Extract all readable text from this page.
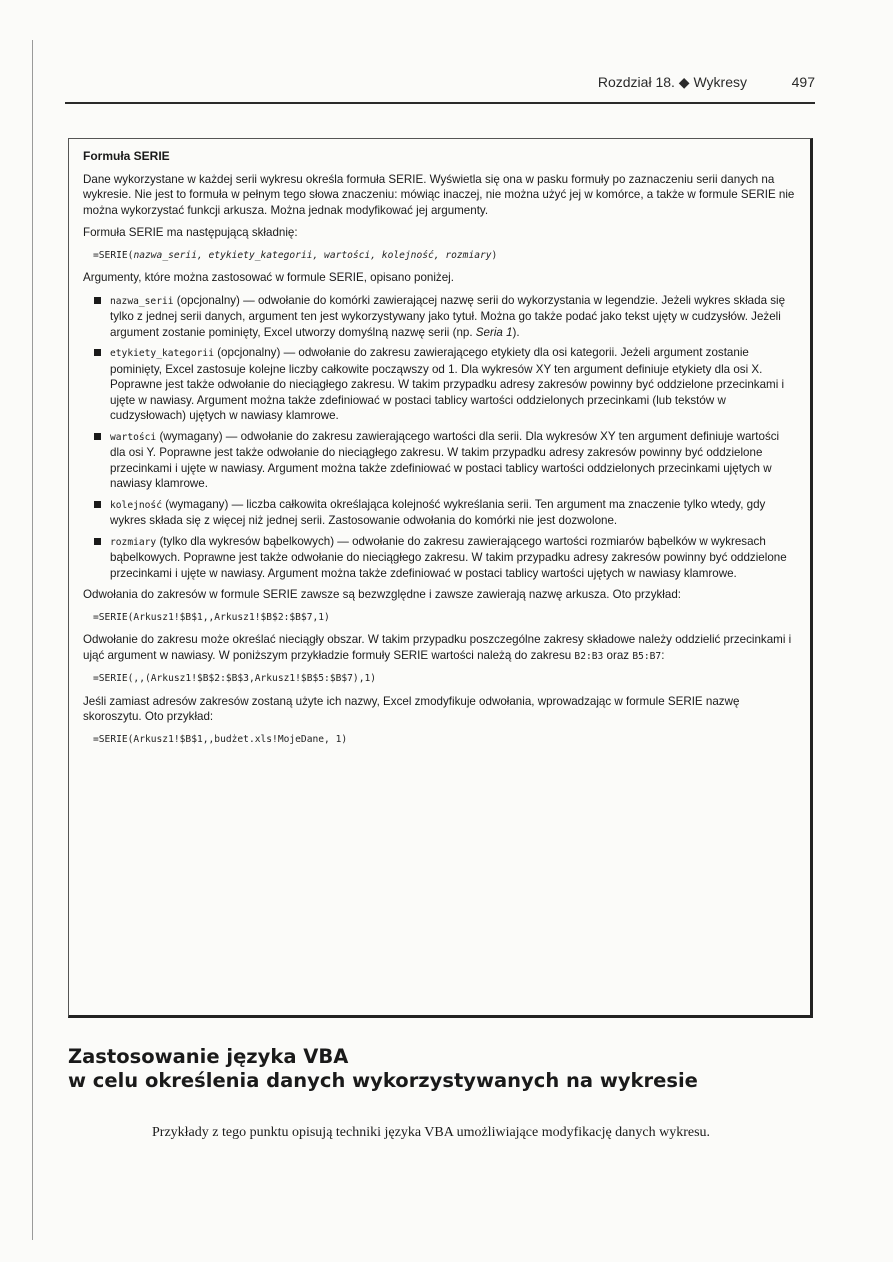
Rozdział 18. ◆ Wykresy	497

Formuła SERIE

Dane wykorzystane w każdej serii wykresu określa formuła SERIE. Wyświetla się ona w pasku formuły po zaznaczeniu serii danych na wykresie. Nie jest to formuła w pełnym tego słowa znaczeniu: mówiąc inaczej, nie można użyć jej w komórce, a także w formule SERIE nie można wykorzystać funkcji arkusza. Można jednak modyfikować jej argumenty.

Formuła SERIE ma następującą składnię:

=SERIE(nazwa_serii, etykiety_kategorii, wartości, kolejność, rozmiary)

Argumenty, które można zastosować w formule SERIE, opisano poniżej.

nazwa_serii (opcjonalny) — odwołanie do komórki zawierającej nazwę serii do wykorzystania w legendzie. Jeżeli wykres składa się tylko z jednej serii danych, argument ten jest wykorzystywany jako tytuł. Można go także podać jako tekst ujęty w cudzysłów. Jeżeli argument zostanie pominięty, Excel utworzy domyślną nazwę serii (np. Seria 1).
etykiety_kategorii (opcjonalny) — odwołanie do zakresu zawierającego etykiety dla osi kategorii. Jeżeli argument zostanie pominięty, Excel zastosuje kolejne liczby całkowite począwszy od 1. Dla wykresów XY ten argument definiuje etykiety dla osi X. Poprawne jest także odwołanie do nieciągłego zakresu. W takim przypadku adresy zakresów powinny być oddzielone przecinkami i ujęte w nawiasy. Argument można także zdefiniować w postaci tablicy wartości oddzielonych przecinkami (lub tekstów w cudzysłowach) ujętych w nawiasy klamrowe.
wartości (wymagany) — odwołanie do zakresu zawierającego wartości dla serii. Dla wykresów XY ten argument definiuje wartości dla osi Y. Poprawne jest także odwołanie do nieciągłego zakresu. W takim przypadku adresy zakresów powinny być oddzielone przecinkami i ujęte w nawiasy. Argument można także zdefiniować w postaci tablicy wartości oddzielonych przecinkami ujętych w nawiasy klamrowe.
kolejność (wymagany) — liczba całkowita określająca kolejność wykreślania serii. Ten argument ma znaczenie tylko wtedy, gdy wykres składa się z więcej niż jednej serii. Zastosowanie odwołania do komórki nie jest dozwolone.
rozmiary (tylko dla wykresów bąbelkowych) — odwołanie do zakresu zawierającego wartości rozmiarów bąbelków w wykresach bąbelkowych. Poprawne jest także odwołanie do nieciągłego zakresu. W takim przypadku adresy zakresów powinny być oddzielone przecinkami i ujęte w nawiasy. Argument można także zdefiniować w postaci tablicy wartości ujętych w nawiasy klamrowe.

Odwołania do zakresów w formule SERIE zawsze są bezwzględne i zawsze zawierają nazwę arkusza. Oto przykład:

=SERIE(Arkusz1!$B$1,,Arkusz1!$B$2:$B$7,1)

Odwołanie do zakresu może określać nieciągły obszar. W takim przypadku poszczególne zakresy składowe należy oddzielić przecinkami i ująć argument w nawiasy. W poniższym przykładzie formuły SERIE wartości należą do zakresu B2:B3 oraz B5:B7:

=SERIE(,,(Arkusz1!$B$2:$B$3,Arkusz1!$B$5:$B$7),1)

Jeśli zamiast adresów zakresów zostaną użyte ich nazwy, Excel zmodyfikuje odwołania, wprowadzając w formule SERIE nazwę skoroszytu. Oto przykład:

=SERIE(Arkusz1!$B$1,,budżet.xls!MojeDane, 1)
Zastosowanie języka VBA
w celu określenia danych wykorzystywanych na wykresie

Przykłady z tego punktu opisują techniki języka VBA umożliwiające modyfikację danych wykresu.
